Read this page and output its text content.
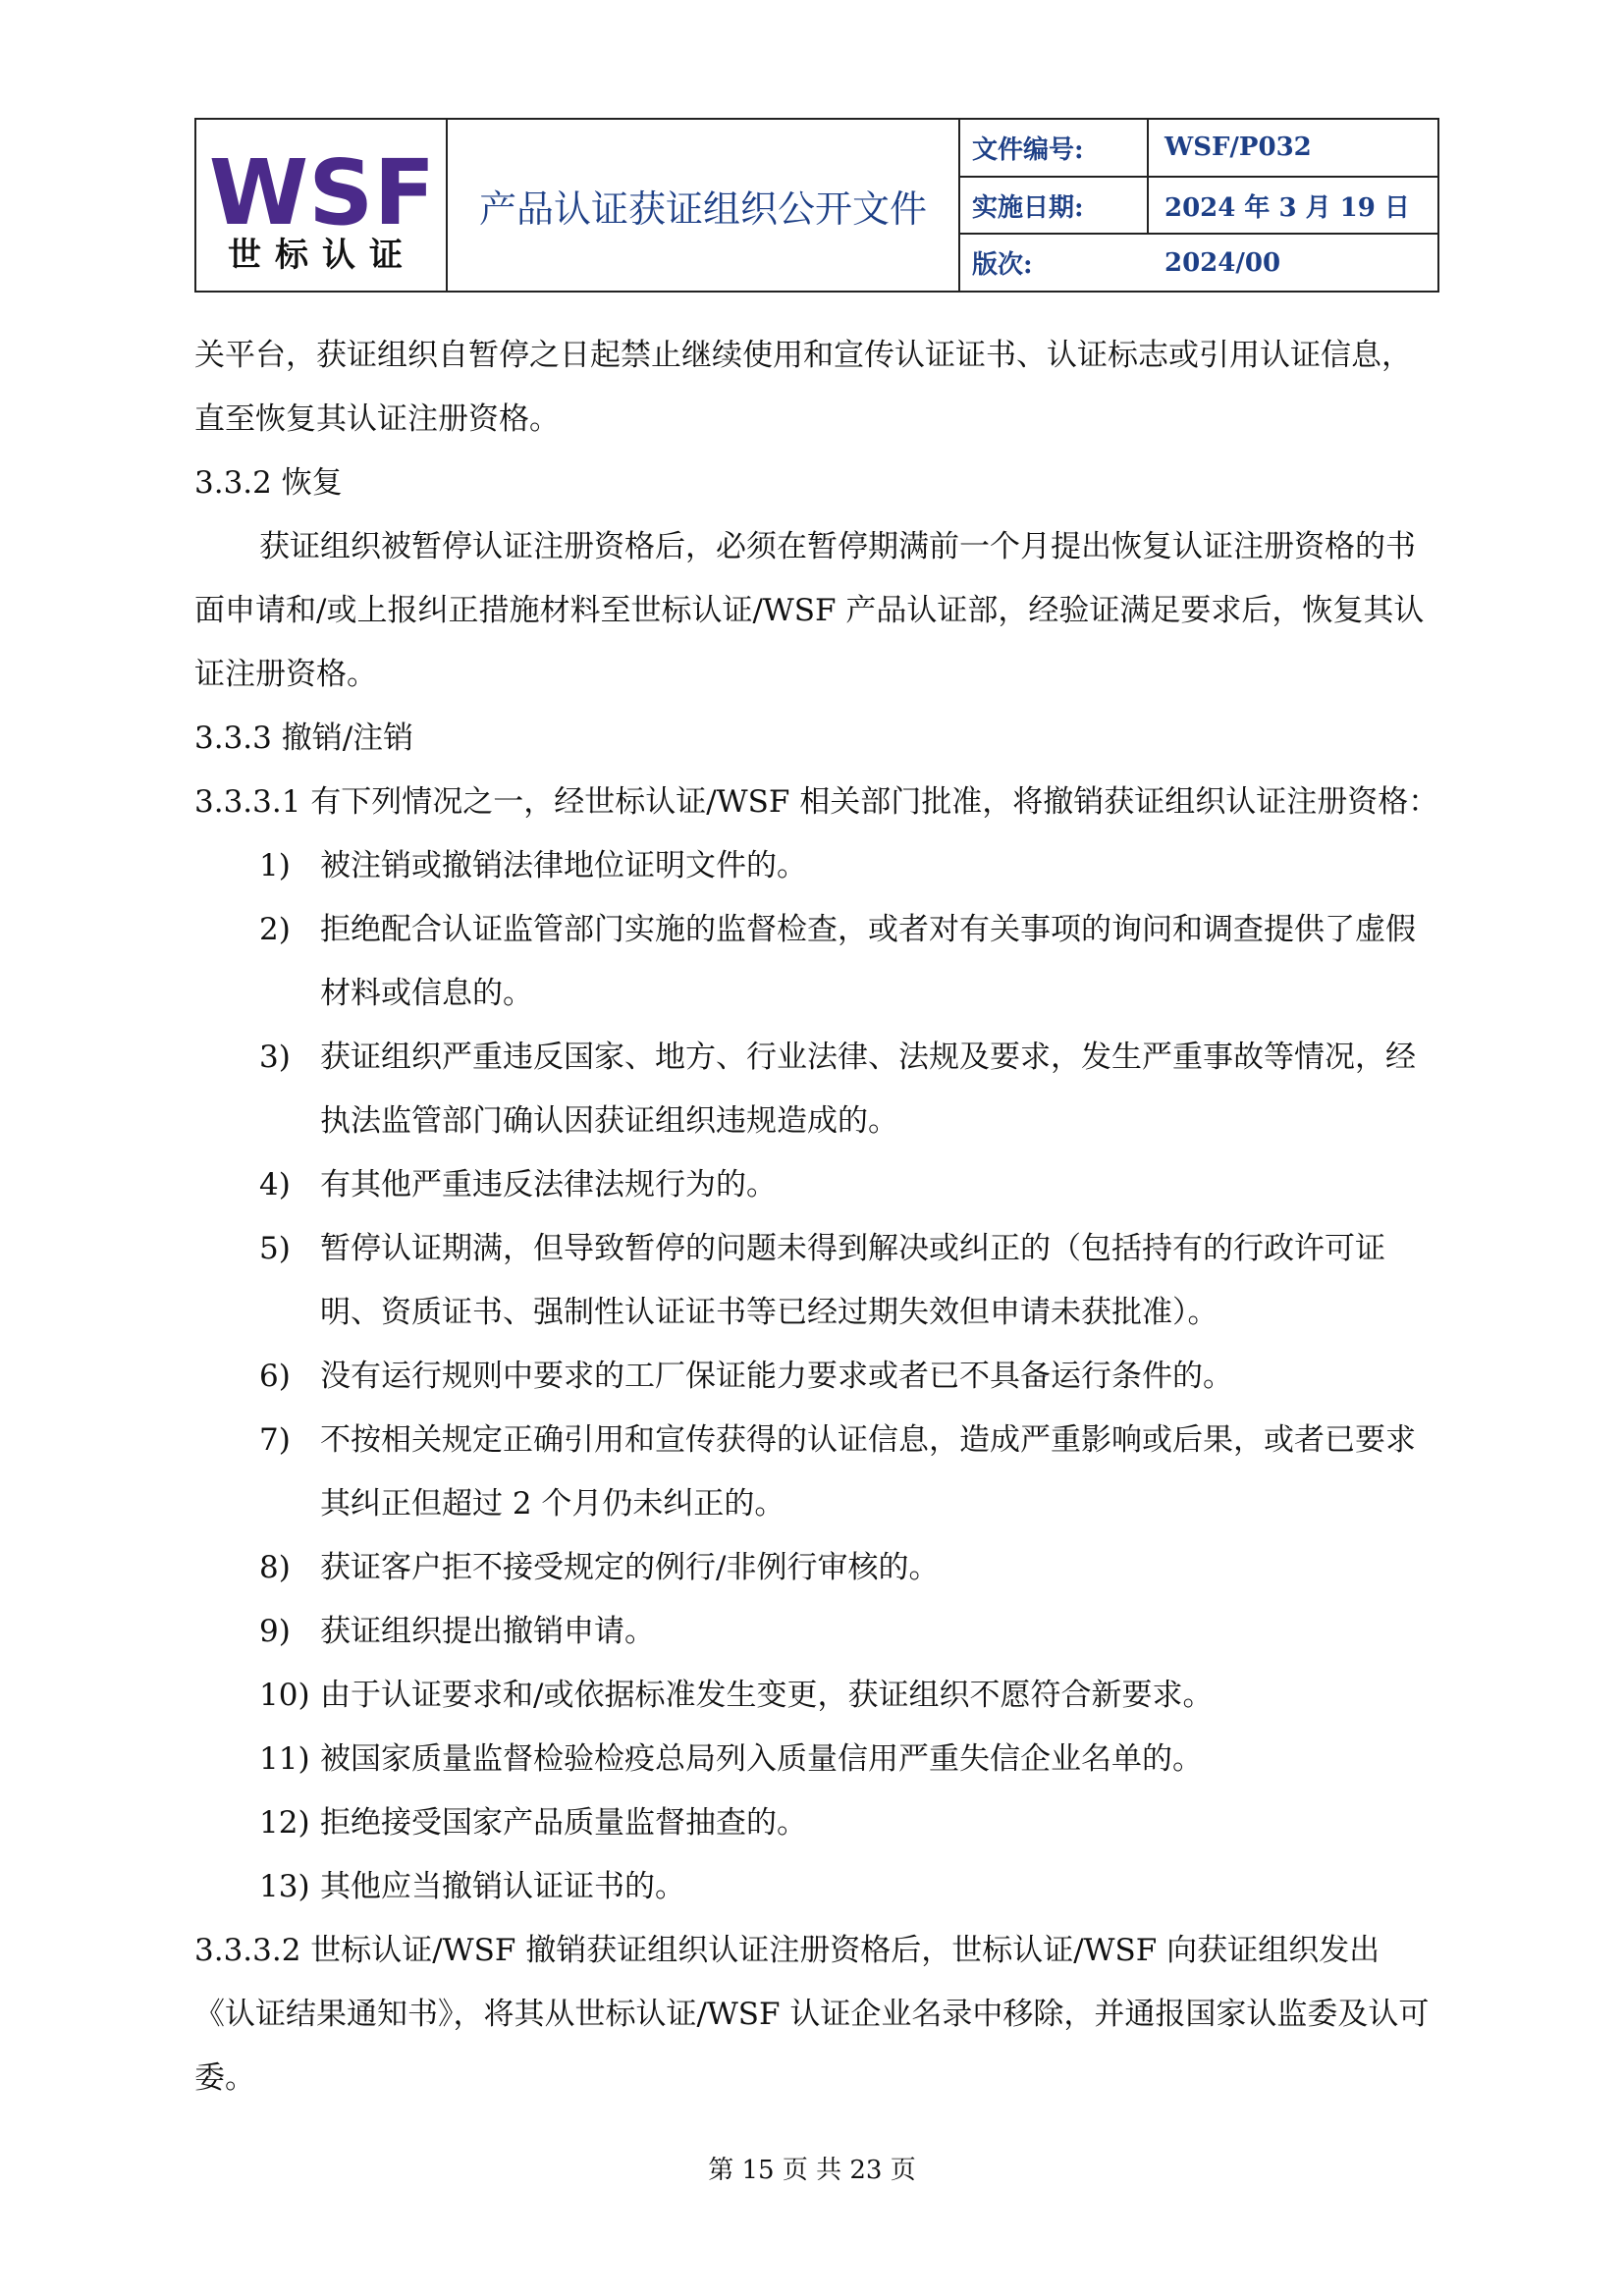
WSF
世标认证
产品认证获证组织公开文件
文件编号:	WSF/P032
实施日期:	2024 年 3 月 19 日
版次:	2024/00

关平台，获证组织自暂停之日起禁止继续使用和宣传认证证书、认证标志或引用认证信息，直至恢复其认证注册资格。

3.3.2 恢复

获证组织被暂停认证注册资格后，必须在暂停期满前一个月提出恢复认证注册资格的书面申请和/或上报纠正措施材料至世标认证/WSF 产品认证部，经验证满足要求后，恢复其认证注册资格。

3.3.3 撤销/注销

3.3.3.1 有下列情况之一，经世标认证/WSF 相关部门批准，将撤销获证组织认证注册资格：

1) 被注销或撤销法律地位证明文件的。
2) 拒绝配合认证监管部门实施的监督检查，或者对有关事项的询问和调查提供了虚假材料或信息的。
3) 获证组织严重违反国家、地方、行业法律、法规及要求，发生严重事故等情况，经执法监管部门确认因获证组织违规造成的。
4) 有其他严重违反法律法规行为的。
5) 暂停认证期满，但导致暂停的问题未得到解决或纠正的（包括持有的行政许可证明、资质证书、强制性认证证书等已经过期失效但申请未获批准）。
6) 没有运行规则中要求的工厂保证能力要求或者已不具备运行条件的。
7) 不按相关规定正确引用和宣传获得的认证信息，造成严重影响或后果，或者已要求其纠正但超过 2 个月仍未纠正的。
8) 获证客户拒不接受规定的例行/非例行审核的。
9) 获证组织提出撤销申请。
10) 由于认证要求和/或依据标准发生变更，获证组织不愿符合新要求。
11) 被国家质量监督检验检疫总局列入质量信用严重失信企业名单的。
12) 拒绝接受国家产品质量监督抽查的。
13) 其他应当撤销认证证书的。

3.3.3.2 世标认证/WSF 撤销获证组织认证注册资格后，世标认证/WSF 向获证组织发出《认证结果通知书》，将其从世标认证/WSF 认证企业名录中移除，并通报国家认监委及认可委。

第 15 页 共 23 页
